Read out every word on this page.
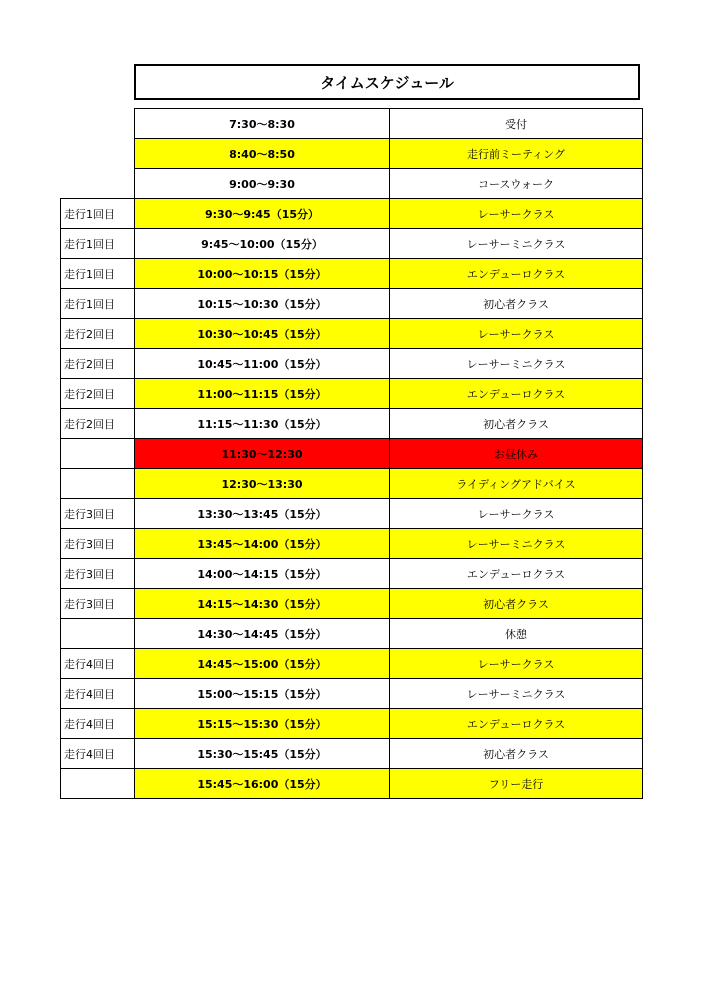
タイムスケジュール
	7:30～8:30	受付
	8:40～8:50	走行前ミーティング
	9:00～9:30	コースウォーク
走行1回目	9:30～9:45（15分）	レーサークラス
走行1回目	9:45～10:00（15分）	レーサーミニクラス
走行1回目	10:00～10:15（15分）	エンデューロクラス
走行1回目	10:15～10:30（15分）	初心者クラス
走行2回目	10:30～10:45（15分）	レーサークラス
走行2回目	10:45～11:00（15分）	レーサーミニクラス
走行2回目	11:00～11:15（15分）	エンデューロクラス
走行2回目	11:15～11:30（15分）	初心者クラス
	11:30～12:30	お昼休み
	12:30～13:30	ライディングアドバイス
走行3回目	13:30～13:45（15分）	レーサークラス
走行3回目	13:45～14:00（15分）	レーサーミニクラス
走行3回目	14:00～14:15（15分）	エンデューロクラス
走行3回目	14:15～14:30（15分）	初心者クラス
	14:30～14:45（15分）	休憩
走行4回目	14:45～15:00（15分）	レーサークラス
走行4回目	15:00～15:15（15分）	レーサーミニクラス
走行4回目	15:15～15:30（15分）	エンデューロクラス
走行4回目	15:30～15:45（15分）	初心者クラス
	15:45～16:00（15分）	フリー走行
